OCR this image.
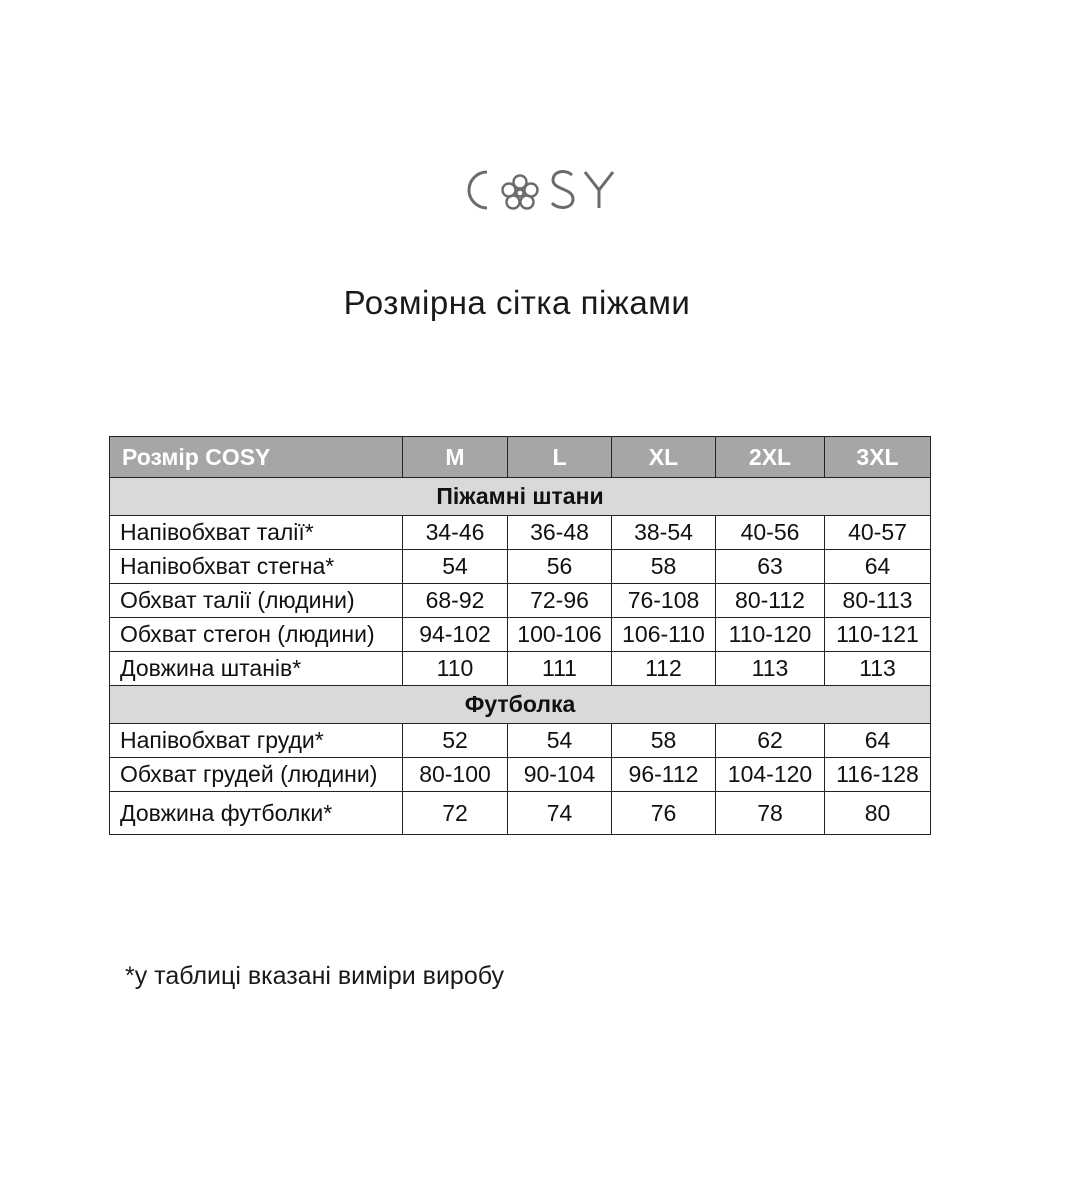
COSY
Розмірна сітка піжами
Розмір COSY	M	L	XL	2XL	3XL
Піжамні штани					
Напівобхват талії*	34-46	36-48	38-54	40-56	40-57
Напівобхват стегна*	54	56	58	63	64
Обхват талії (людини)	68-92	72-96	76-108	80-112	80-113
Обхват стегон (людини)	94-102	100-106	106-110	110-120	110-121
Довжина штанів*	110	111	112	113	113
Футболка					
Напівобхват груди*	52	54	58	62	64
Обхват грудей (людини)	80-100	90-104	96-112	104-120	116-128
Довжина футболки*	72	74	76	78	80
*у таблиці вказані виміри виробу
